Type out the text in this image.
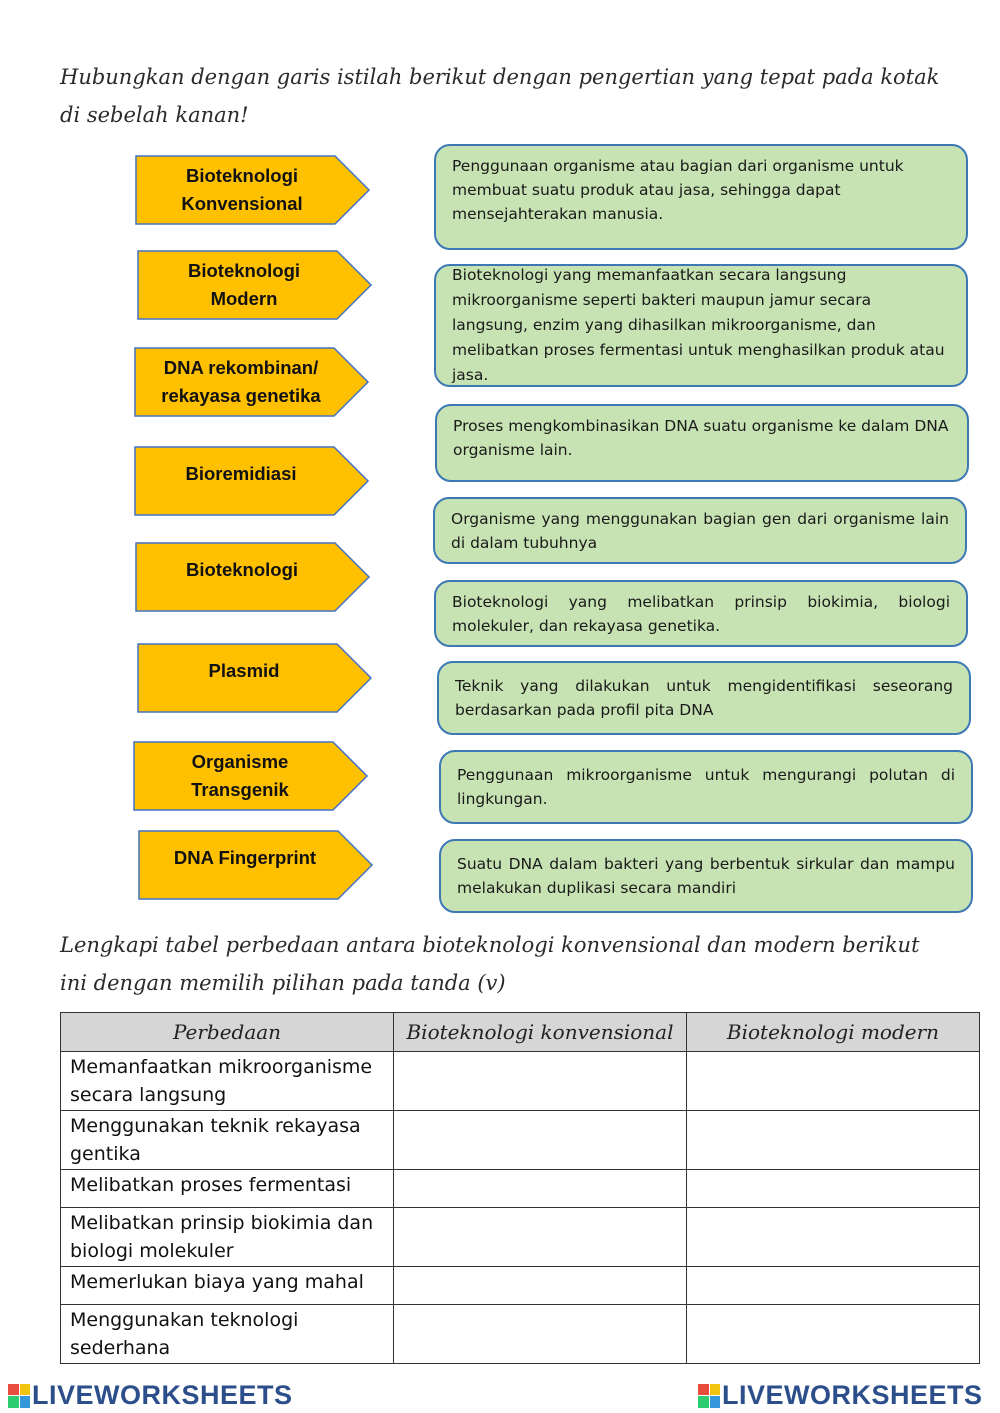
Hubungkan dengan garis istilah berikut dengan pengertian yang tepat pada kotak di sebelah kanan!
Bioteknologi
Konvensional
Bioteknologi
Modern
DNA rekombinan/
rekayasa genetika
Bioremidiasi
Bioteknologi
Plasmid
Organisme
Transgenik
DNA Fingerprint
Penggunaan organisme atau bagian dari organisme untuk membuat suatu produk atau jasa, sehingga dapat mensejahterakan manusia.
Bioteknologi yang memanfaatkan secara langsung mikroorganisme seperti bakteri maupun jamur secara langsung, enzim yang dihasilkan mikroorganisme, dan melibatkan proses fermentasi untuk menghasilkan produk atau jasa.
Proses mengkombinasikan DNA suatu organisme ke dalam DNA organisme lain.
Organisme yang menggunakan bagian gen dari organisme lain di dalam tubuhnya
Bioteknologi yang melibatkan prinsip biokimia, biologi molekuler, dan rekayasa genetika.
Teknik yang dilakukan untuk mengidentifikasi seseorang berdasarkan pada profil pita DNA
Penggunaan mikroorganisme untuk mengurangi polutan di lingkungan.
Suatu DNA dalam bakteri yang berbentuk sirkular dan mampu melakukan duplikasi secara mandiri
Lengkapi tabel perbedaan antara bioteknologi konvensional dan modern berikut ini dengan memilih pilihan pada tanda (v)
Perbedaan	Bioteknologi konvensional	Bioteknologi modern
Memanfaatkan mikroorganisme secara langsung		
Menggunakan teknik rekayasa gentika		
Melibatkan proses fermentasi		
Melibatkan prinsip biokimia dan biologi molekuler		
Memerlukan biaya yang mahal		
Menggunakan teknologi sederhana		
LIVEWORKSHEETS	LIVEWORKSHEETS
